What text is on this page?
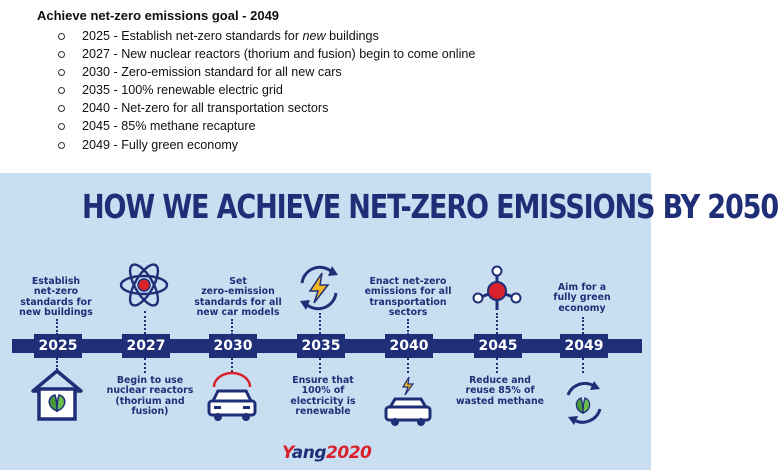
Achieve net-zero emissions goal - 2049
2025 - Establish net-zero standards for new buildings
2027 - New nuclear reactors (thorium and fusion) begin to come online
2030 - Zero-emission standard for all new cars
2035 - 100% renewable electric grid
2040 - Net-zero for all transportation sectors
2045 - 85% methane recapture
2049 - Fully green economy
HOW WE ACHIEVE NET-ZERO EMISSIONS BY 2050
Establish
net-zero
standards for
new buildings
Set
zero-emission
standards for all
new car models
Enact net-zero
emissions for all
transportation
sectors
Aim for a
fully green
economy
Begin to use
nuclear reactors
(thorium and
fusion)
Ensure that
100% of
electricity is
renewable
Reduce and
reuse 85% of
wasted methane
2025	2027	2030	2035	2040	2045	2049
Yang2020
